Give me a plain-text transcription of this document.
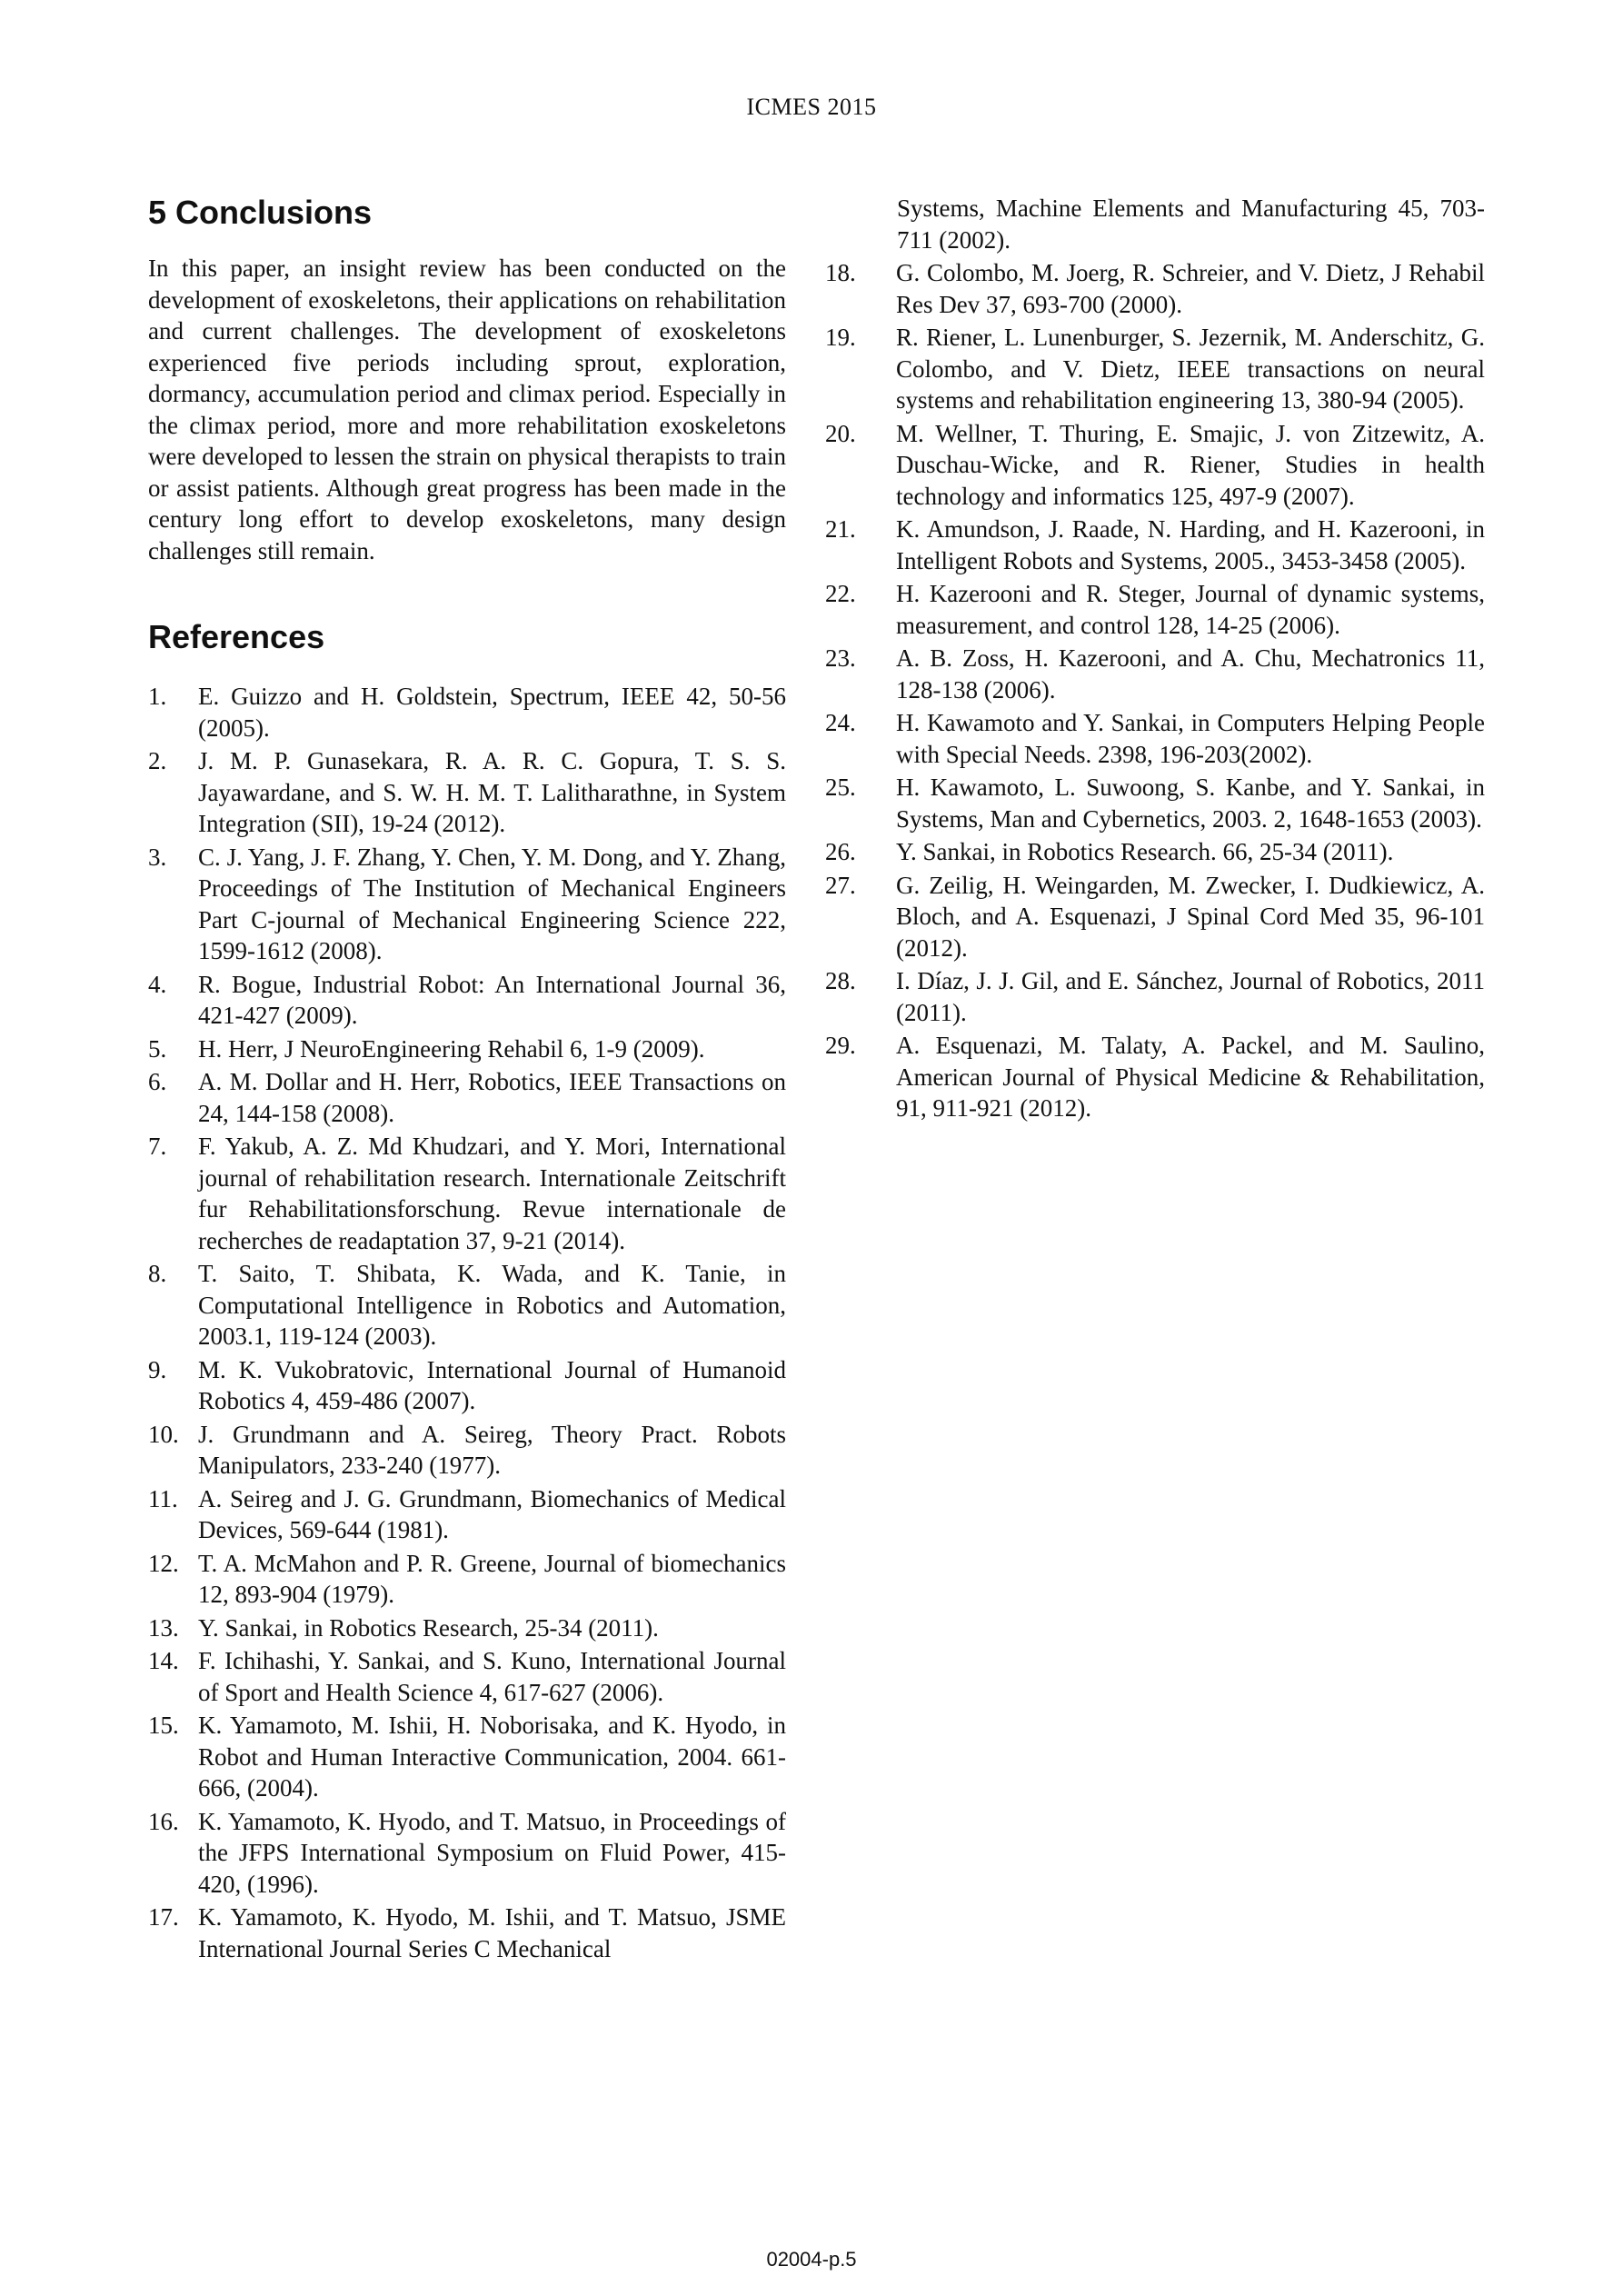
ICMES 2015
5 Conclusions

In this paper, an insight review has been conducted on the development of exoskeletons, their applications on rehabilitation and current challenges. The development of exoskeletons experienced five periods including sprout, exploration, dormancy, accumulation period and climax period. Especially in the climax period, more and more rehabilitation exoskeletons were developed to lessen the strain on physical therapists to train or assist patients. Although great progress has been made in the century long effort to develop exoskeletons, many design challenges still remain.

References
1. E. Guizzo and H. Goldstein, Spectrum, IEEE 42, 50-56 (2005).
2. J. M. P. Gunasekara, R. A. R. C. Gopura, T. S. S. Jayawardane, and S. W. H. M. T. Lalitharathne, in System Integration (SII), 19-24 (2012).
3. C. J. Yang, J. F. Zhang, Y. Chen, Y. M. Dong, and Y. Zhang, Proceedings of The Institution of Mechanical Engineers Part C-journal of Mechanical Engineering Science 222, 1599-1612 (2008).
4. R. Bogue, Industrial Robot: An International Journal 36, 421-427 (2009).
5. H. Herr, J NeuroEngineering Rehabil 6, 1-9 (2009).
6. A. M. Dollar and H. Herr, Robotics, IEEE Transactions on 24, 144-158 (2008).
7. F. Yakub, A. Z. Md Khudzari, and Y. Mori, International journal of rehabilitation research. Internationale Zeitschrift fur Rehabilitationsforschung. Revue internationale de recherches de readaptation 37, 9-21 (2014).
8. T. Saito, T. Shibata, K. Wada, and K. Tanie, in Computational Intelligence in Robotics and Automation, 2003.1, 119-124 (2003).
9. M. K. Vukobratovic, International Journal of Humanoid Robotics 4, 459-486 (2007).
10. J. Grundmann and A. Seireg, Theory Pract. Robots Manipulators, 233-240 (1977).
11. A. Seireg and J. G. Grundmann, Biomechanics of Medical Devices, 569-644 (1981).
12. T. A. McMahon and P. R. Greene, Journal of biomechanics 12, 893-904 (1979).
13. Y. Sankai, in Robotics Research, 25-34 (2011).
14. F. Ichihashi, Y. Sankai, and S. Kuno, International Journal of Sport and Health Science 4, 617-627 (2006).
15. K. Yamamoto, M. Ishii, H. Noborisaka, and K. Hyodo, in Robot and Human Interactive Communication, 2004. 661-666, (2004).
16. K. Yamamoto, K. Hyodo, and T. Matsuo, in Proceedings of the JFPS International Symposium on Fluid Power, 415-420, (1996).
17. K. Yamamoto, K. Hyodo, M. Ishii, and T. Matsuo, JSME International Journal Series C Mechanical

Systems, Machine Elements and Manufacturing 45, 703-711 (2002).

18. G. Colombo, M. Joerg, R. Schreier, and V. Dietz, J Rehabil Res Dev 37, 693-700 (2000).
19. R. Riener, L. Lunenburger, S. Jezernik, M. Anderschitz, G. Colombo, and V. Dietz, IEEE transactions on neural systems and rehabilitation engineering 13, 380-94 (2005).
20. M. Wellner, T. Thuring, E. Smajic, J. von Zitzewitz, A. Duschau-Wicke, and R. Riener, Studies in health technology and informatics 125, 497-9 (2007).
21. K. Amundson, J. Raade, N. Harding, and H. Kazerooni, in Intelligent Robots and Systems, 2005., 3453-3458 (2005).
22. H. Kazerooni and R. Steger, Journal of dynamic systems, measurement, and control 128, 14-25 (2006).
23. A. B. Zoss, H. Kazerooni, and A. Chu, Mechatronics 11, 128-138 (2006).
24. H. Kawamoto and Y. Sankai, in Computers Helping People with Special Needs. 2398, 196-203(2002).
25. H. Kawamoto, L. Suwoong, S. Kanbe, and Y. Sankai, in Systems, Man and Cybernetics, 2003. 2, 1648-1653 (2003).
26. Y. Sankai, in Robotics Research. 66, 25-34 (2011).
27. G. Zeilig, H. Weingarden, M. Zwecker, I. Dudkiewicz, A. Bloch, and A. Esquenazi, J Spinal Cord Med 35, 96-101 (2012).
28. I. Díaz, J. J. Gil, and E. Sánchez, Journal of Robotics, 2011 (2011).
29. A. Esquenazi, M. Talaty, A. Packel, and M. Saulino, American Journal of Physical Medicine & Rehabilitation, 91, 911-921 (2012).
02004-p.5
